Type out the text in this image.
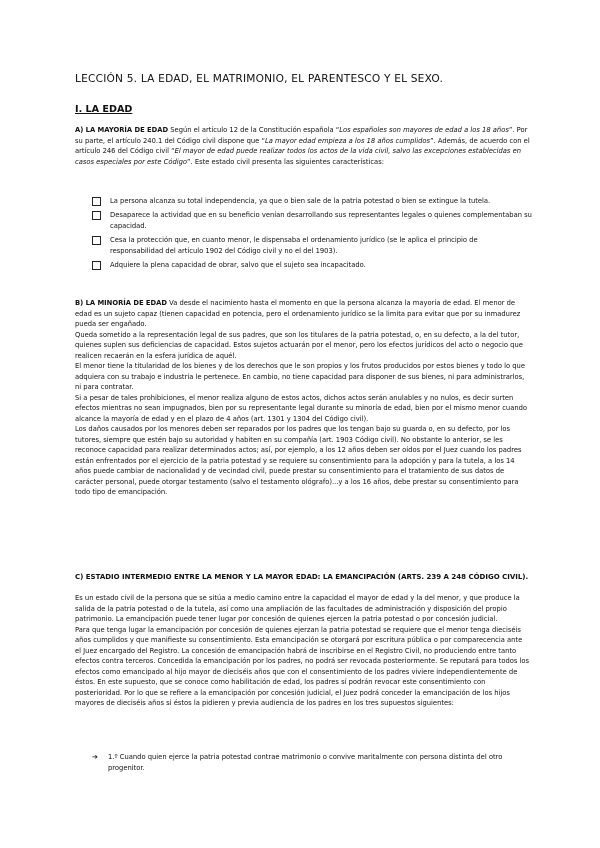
LECCIÓN 5. LA EDAD, EL MATRIMONIO, EL PARENTESCO Y EL SEXO.
I. LA EDAD
A) LA MAYORÍA DE EDAD Según el artículo 12 de la Constitución española “Los españoles son mayores de edad a los 18 años”. Por su parte, el artículo 240.1 del Código civil dispone que “La mayor edad empieza a los 18 años cumplidos”. Además, de acuerdo con el artículo 246 del Código civil “El mayor de edad puede realizar todos los actos de la vida civil, salvo las excepciones establecidas en casos especiales por este Código”. Este estado civil presenta las siguientes características:
La persona alcanza su total independencia, ya que o bien sale de la patria potestad o bien se extingue la tutela.
Desaparece la actividad que en su beneficio venían desarrollando sus representantes legales o quienes complementaban su capacidad.
Cesa la protección que, en cuanto menor, le dispensaba el ordenamiento jurídico (se le aplica el principio de responsabilidad del artículo 1902 del Código civil y no el del 1903).
Adquiere la plena capacidad de obrar, salvo que el sujeto sea incapacitado.
B) LA MINORÍA DE EDAD Va desde el nacimiento hasta el momento en que la persona alcanza la mayoría de edad. El menor de edad es un sujeto capaz (tienen capacidad en potencia, pero el ordenamiento jurídico se la limita para evitar que por su inmadurez pueda ser engañado.
Queda sometido a la representación legal de sus padres, que son los titulares de la patria potestad, o, en su defecto, a la del tutor, quienes suplen sus deficiencias de capacidad. Estos sujetos actuarán por el menor, pero los efectos jurídicos del acto o negocio que realicen recaerán en la esfera jurídica de aquél.
El menor tiene la titularidad de los bienes y de los derechos que le son propios y los frutos producidos por estos bienes y todo lo que adquiera con su trabajo e industria le pertenece. En cambio, no tiene capacidad para disponer de sus bienes, ni para administrarlos, ni para contratar.
Si a pesar de tales prohibiciones, el menor realiza alguno de estos actos, dichos actos serán anulables y no nulos, es decir surten efectos mientras no sean impugnados, bien por su representante legal durante su minoría de edad, bien por el mismo menor cuando alcance la mayoría de edad y en el plazo de 4 años (art. 1301 y 1304 del Código civil).
Los daños causados por los menores deben ser reparados por los padres que los tengan bajo su guarda o, en su defecto, por los tutores, siempre que estén bajo su autoridad y habiten en su compañía (art. 1903 Código civil). No obstante lo anterior, se les reconoce capacidad para realizar determinados actos; así, por ejemplo, a los 12 años deben ser oídos por el Juez cuando los padres están enfrentados por el ejercicio de la patria potestad y se requiere su consentimiento para la adopción y para la tutela, a los 14 años puede cambiar de nacionalidad y de vecindad civil, puede prestar su consentimiento para el tratamiento de sus datos de carácter personal, puede otorgar testamento (salvo el testamento ológrafo)...y a los 16 años, debe prestar su consentimiento para todo tipo de emancipación.
C) ESTADIO INTERMEDIO ENTRE LA MENOR Y LA MAYOR EDAD: LA EMANCIPACIÓN (ARTS. 239 A 248 CÓDIGO CIVIL).
Es un estado civil de la persona que se sitúa a medio camino entre la capacidad el mayor de edad y la del menor, y que produce la salida de la patria potestad o de la tutela, así como una ampliación de las facultades de administración y disposición del propio patrimonio. La emancipación puede tener lugar por concesión de quienes ejercen la patria potestad o por concesión judicial.
Para que tenga lugar la emancipación por concesión de quienes ejerzan la patria potestad se requiere que el menor tenga dieciséis años cumplidos y que manifieste su consentimiento. Esta emancipación se otorgará por escritura pública o por comparecencia ante el Juez encargado del Registro. La concesión de emancipación habrá de inscribirse en el Registro Civil, no produciendo entre tanto efectos contra terceros. Concedida la emancipación por los padres, no podrá ser revocada posteriormente. Se reputará para todos los efectos como emancipado al hijo mayor de dieciséis años que con el consentimiento de los padres viviere independientemente de éstos. En este supuesto, que se conoce como habilitación de edad, los padres sí podrán revocar este consentimiento con posterioridad. Por lo que se refiere a la emancipación por concesión judicial, el Juez podrá conceder la emancipación de los hijos mayores de dieciséis años si éstos la pidieren y previa audiencia de los padres en los tres supuestos siguientes:
➔ 1.º Cuando quien ejerce la patria potestad contrae matrimonio o convive maritalmente con persona distinta del otro progenitor.
